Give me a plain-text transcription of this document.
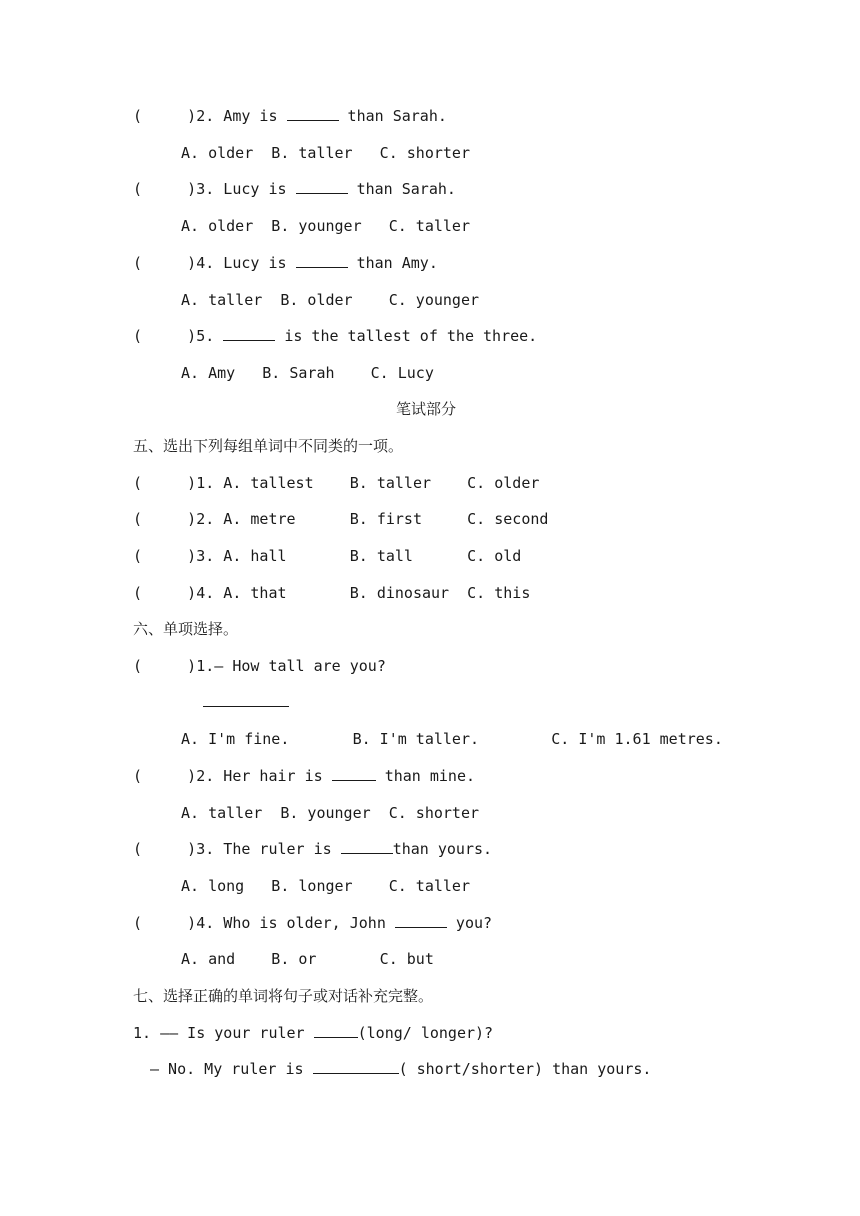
(     )2. Amy is	than Sarah.
A. older  B. taller   C. shorter
(     )3. Lucy is	than Sarah.
A. older  B. younger   C. taller
(     )4. Lucy is	than Amy.
A. taller  B. older    C. younger
(     )5.	is the tallest of the three.
A. Amy   B. Sarah    C. Lucy
笔试部分
五、选出下列每组单词中不同类的一项。
(     )1. A. tallest    B. taller    C. older
(     )2. A. metre      B. first     C. second
(     )3. A. hall       B. tall      C. old
(     )4. A. that       B. dinosaur  C. this
六、单项选择。
(     )1.— How tall are you?
A. I'm fine.       B. I'm taller.        C. I'm 1.61 metres.
(     )2. Her hair is	than mine.
A. taller  B. younger  C. shorter
(     )3. The ruler is	than yours.
A. long   B. longer    C. taller
(     )4. Who is older, John	you?
A. and    B. or       C. but
七、选择正确的单词将句子或对话补充完整。
1. —— Is your ruler	(long/ longer)?
— No. My ruler is	( short/shorter) than yours.
